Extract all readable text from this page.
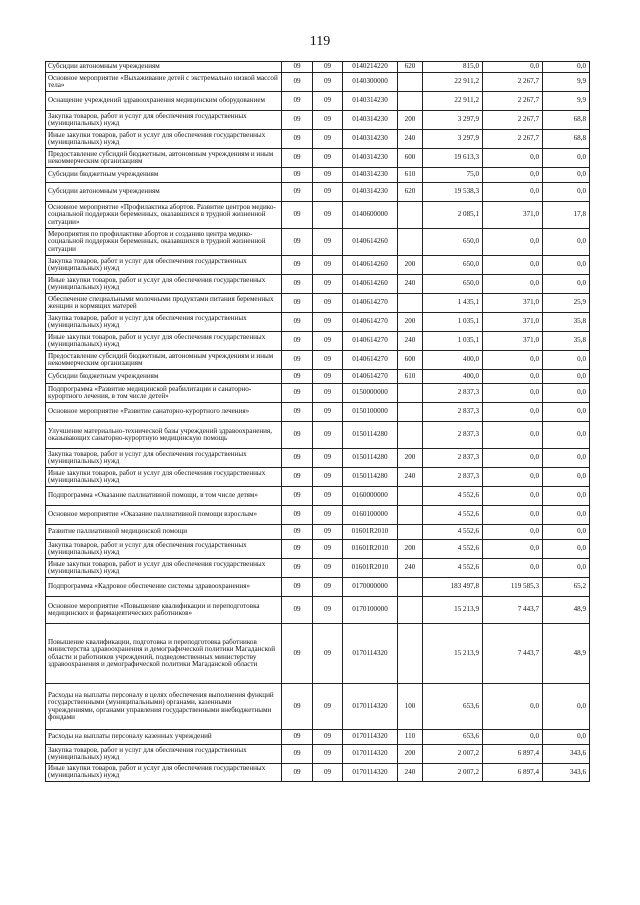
119
Субсидии автономным учреждениям	09	09	0140214220	620	815,0	0,0	0,0
Основное мероприятие «Выхаживание детей с экстремально низкой массой тела»	09	09	0140300000		22 911,2	2 267,7	9,9
Оснащение учреждений здравоохранения медицинским оборудованием	09	09	0140314230		22 911,2	2 267,7	9,9
Закупка товаров, работ и услуг для обеспечения государственных (муниципальных) нужд	09	09	0140314230	200	3 297,9	2 267,7	68,8
Иные закупки товаров, работ и услуг для обеспечения государственных (муниципальных) нужд	09	09	0140314230	240	3 297,9	2 267,7	68,8
Предоставление субсидий бюджетным, автономным учреждениям и иным некоммерческим организациям	09	09	0140314230	600	19 613,3	0,0	0,0
Субсидии бюджетным учреждениям	09	09	0140314230	610	75,0	0,0	0,0
Субсидии автономным учреждениям	09	09	0140314230	620	19 538,3	0,0	0,0
Основное мероприятие «Профилактика абортов. Развитие центров медико-социальной поддержки беременных, оказавшихся в трудной жизненной ситуации»	09	09	0140600000		2 085,1	371,0	17,8
Мероприятия по профилактике абортов и созданию центра медико-социальной поддержки беременных, оказавшихся в трудной жизненной ситуации	09	09	0140614260		650,0	0,0	0,0
Закупка товаров, работ и услуг для обеспечения государственных (муниципальных) нужд	09	09	0140614260	200	650,0	0,0	0,0
Иные закупки товаров, работ и услуг для обеспечения государственных (муниципальных) нужд	09	09	0140614260	240	650,0	0,0	0,0
Обеспечение специальными молочными продуктами питания беременных женщин и кормящих матерей	09	09	0140614270		1 435,1	371,0	25,9
Закупка товаров, работ и услуг для обеспечения государственных (муниципальных) нужд	09	09	0140614270	200	1 035,1	371,0	35,8
Иные закупки товаров, работ и услуг для обеспечения государственных (муниципальных) нужд	09	09	0140614270	240	1 035,1	371,0	35,8
Предоставление субсидий бюджетным, автономным учреждениям и иным некоммерческим организациям	09	09	0140614270	600	400,0	0,0	0,0
Субсидии бюджетным учреждениям	09	09	0140614270	610	400,0	0,0	0,0
Подпрограмма «Развитие медицинской реабилитации и санаторно-курортного лечения, в том числе детей»	09	09	0150000000		2 837,3	0,0	0,0
Основное мероприятие «Развитие санаторно-курортного лечения»	09	09	0150100000		2 837,3	0,0	0,0
Улучшение материально-технической базы учреждений здравоохранения, оказывающих санаторно-курортную медицинскую помощь	09	09	0150114280		2 837,3	0,0	0,0
Закупка товаров, работ и услуг для обеспечения государственных (муниципальных) нужд	09	09	0150114280	200	2 837,3	0,0	0,0
Иные закупки товаров, работ и услуг для обеспечения государственных (муниципальных) нужд	09	09	0150114280	240	2 837,3	0,0	0,0
Подпрограмма «Оказание паллиативной помощи, в том числе детям»	09	09	0160000000		4 552,6	0,0	0,0
Основное мероприятие «Оказание паллиативной помощи взрослым»	09	09	0160100000		4 552,6	0,0	0,0
Развитие паллиативной медицинской помощи	09	09	01601R2010		4 552,6	0,0	0,0
Закупка товаров, работ и услуг для обеспечения государственных (муниципальных) нужд	09	09	01601R2010	200	4 552,6	0,0	0,0
Иные закупки товаров, работ и услуг для обеспечения государственных (муниципальных) нужд	09	09	01601R2010	240	4 552,6	0,0	0,0
Подпрограмма «Кадровое обеспечение системы здравоохранения»	09	09	0170000000		183 497,8	119 585,3	65,2
Основное мероприятие «Повышение квалификации и переподготовка медицинских и фармацевтических работников»	09	09	0170100000		15 213,9	7 443,7	48,9
Повышение квалификации, подготовка и переподготовка работников министерства здравоохранения и демографической политики Магаданской области и работников учреждений, подведомственных министерству здравоохранения и демографической политики Магаданской области	09	09	0170114320		15 213,9	7 443,7	48,9
Расходы на выплаты персоналу в целях обеспечения выполнения функций государственными (муниципальными) органами, казенными учреждениями, органами управления государственными внебюджетными фондами	09	09	0170114320	100	653,6	0,0	0,0
Расходы на выплаты персоналу казенных учреждений	09	09	0170114320	110	653,6	0,0	0,0
Закупка товаров, работ и услуг для обеспечения государственных (муниципальных) нужд	09	09	0170114320	200	2 007,2	6 897,4	343,6
Иные закупки товаров, работ и услуг для обеспечения государственных (муниципальных) нужд	09	09	0170114320	240	2 007,2	6 897,4	343,6
